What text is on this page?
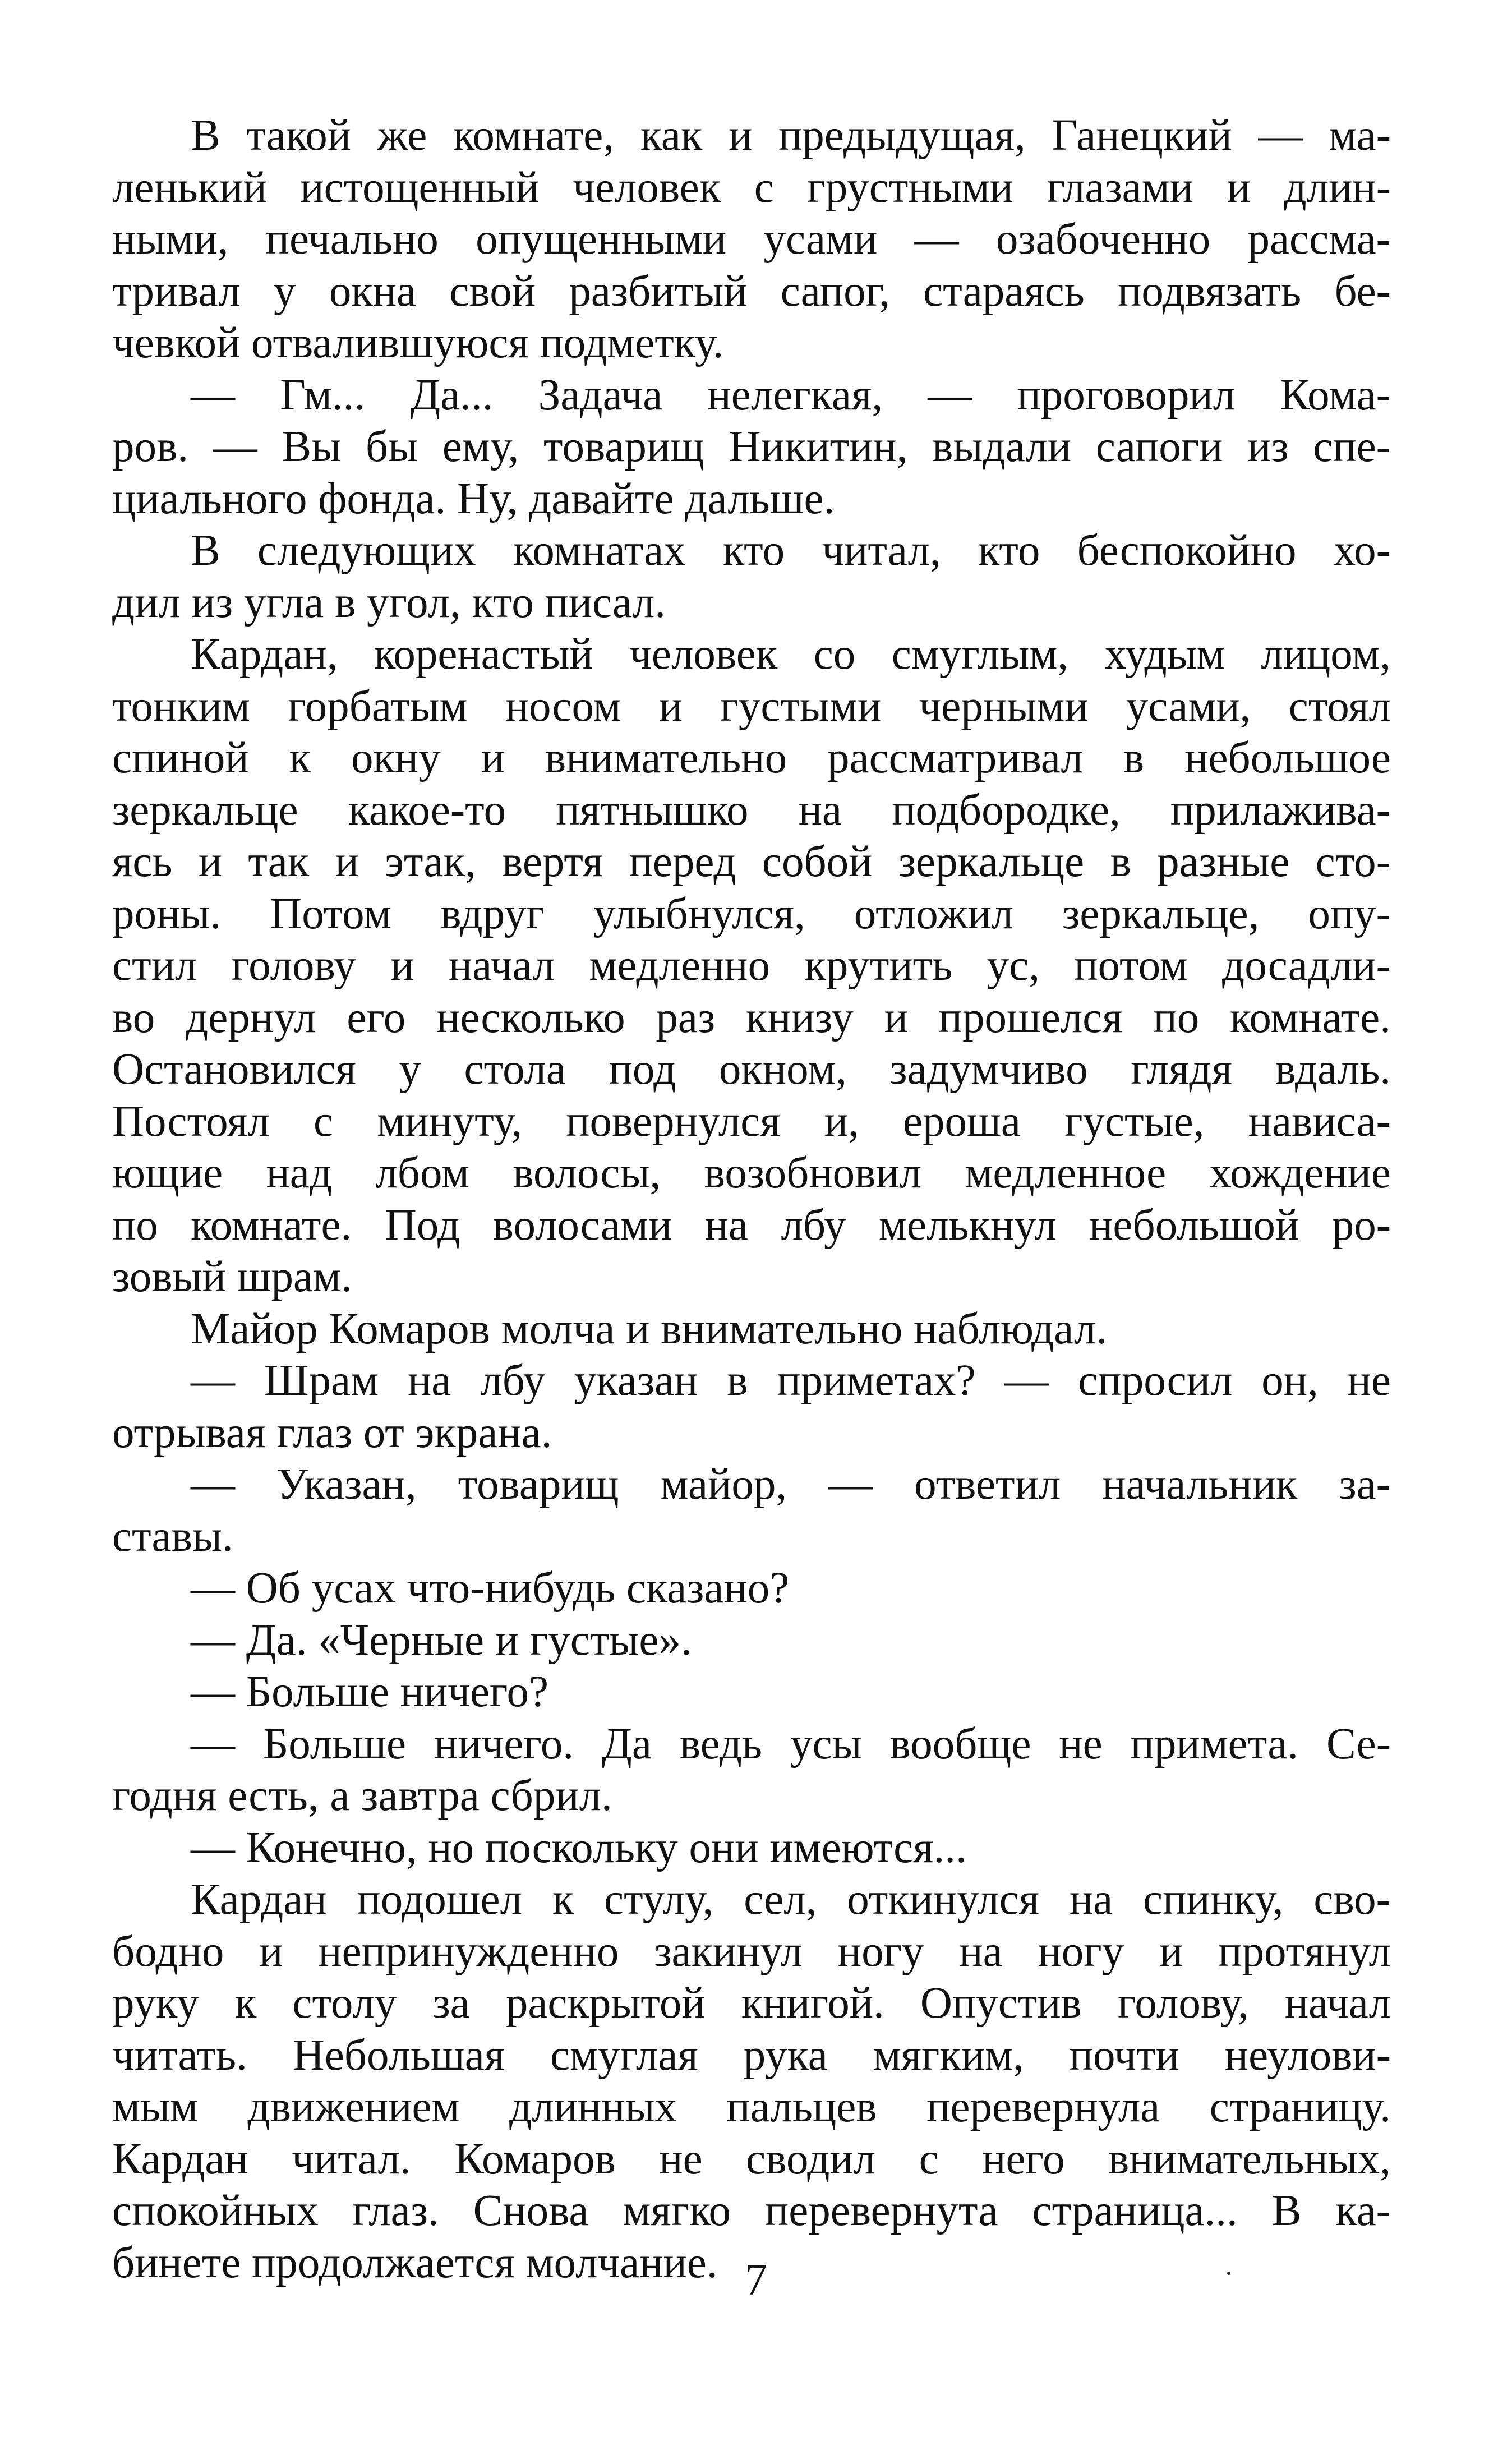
В такой же комнате, как и предыдущая, Ганецкий — ма-
ленький истощенный человек с грустными глазами и длин-
ными, печально опущенными усами — озабоченно рассма-
тривал у окна свой разбитый сапог, стараясь подвязать бе-
чевкой отвалившуюся подметку.
— Гм... Да... Задача нелегкая, — проговорил Кома-
ров. — Вы бы ему, товарищ Никитин, выдали сапоги из спе-
циального фонда. Ну, давайте дальше.
В следующих комнатах кто читал, кто беспокойно хо-
дил из угла в угол, кто писал.
Кардан, коренастый человек со смуглым, худым лицом,
тонким горбатым носом и густыми черными усами, стоял
спиной к окну и внимательно рассматривал в небольшое
зеркальце какое-то пятнышко на подбородке, прилажива-
ясь и так и этак, вертя перед собой зеркальце в разные сто-
роны. Потом вдруг улыбнулся, отложил зеркальце, опу-
стил голову и начал медленно крутить ус, потом досадли-
во дернул его несколько раз книзу и прошелся по комнате.
Остановился у стола под окном, задумчиво глядя вдаль.
Постоял с минуту, повернулся и, ероша густые, нависа-
ющие над лбом волосы, возобновил медленное хождение
по комнате. Под волосами на лбу мелькнул небольшой ро-
зовый шрам.
Майор Комаров молча и внимательно наблюдал.
— Шрам на лбу указан в приметах? — спросил он, не
отрывая глаз от экрана.
— Указан, товарищ майор, — ответил начальник за-
ставы.
— Об усах что-нибудь сказано?
— Да. «Черные и густые».
— Больше ничего?
— Больше ничего. Да ведь усы вообще не примета. Се-
годня есть, а завтра сбрил.
— Конечно, но поскольку они имеются...
Кардан подошел к стулу, сел, откинулся на спинку, сво-
бодно и непринужденно закинул ногу на ногу и протянул
руку к столу за раскрытой книгой. Опустив голову, начал
читать. Небольшая смуглая рука мягким, почти неулови-
мым движением длинных пальцев перевернула страницу.
Кардан читал. Комаров не сводил с него внимательных,
спокойных глаз. Снова мягко перевернута страница... В ка-
бинете продолжается молчание. 7
